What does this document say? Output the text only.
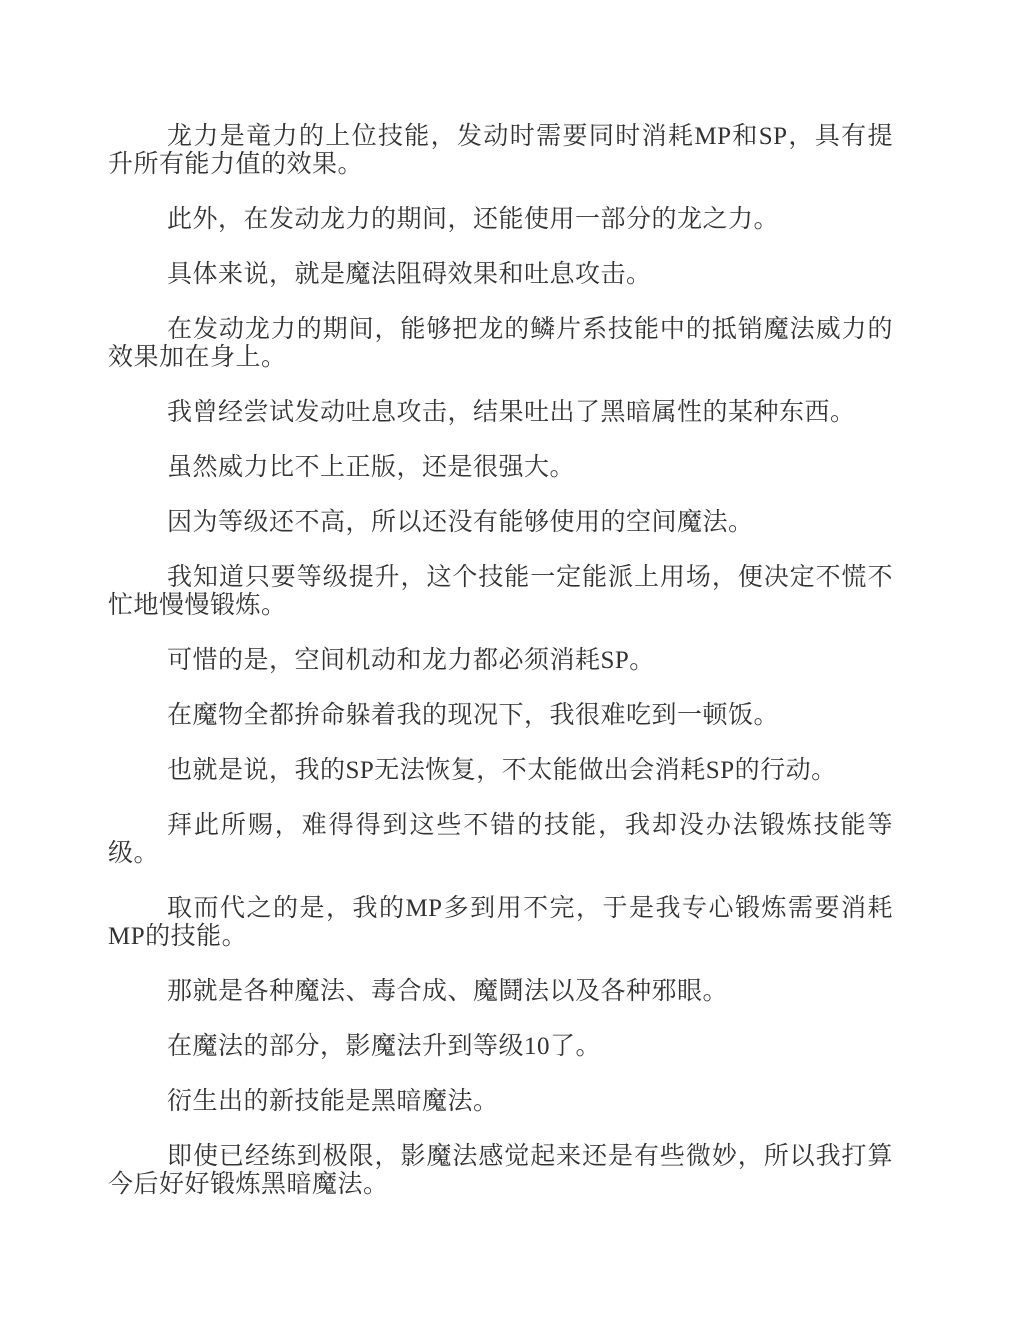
龙力是竜力的上位技能，发动时需要同时消耗MP和SP，具有提升所有能力值的效果。

此外，在发动龙力的期间，还能使用一部分的龙之力。

具体来说，就是魔法阻碍效果和吐息攻击。

在发动龙力的期间，能够把龙的鳞片系技能中的抵销魔法威力的效果加在身上。

我曾经尝试发动吐息攻击，结果吐出了黑暗属性的某种东西。

虽然威力比不上正版，还是很强大。

因为等级还不高，所以还没有能够使用的空间魔法。

我知道只要等级提升，这个技能一定能派上用场，便决定不慌不忙地慢慢锻炼。

可惜的是，空间机动和龙力都必须消耗SP。

在魔物全都拚命躲着我的现况下，我很难吃到一顿饭。

也就是说，我的SP无法恢复，不太能做出会消耗SP的行动。

拜此所赐，难得得到这些不错的技能，我却没办法锻炼技能等级。

取而代之的是，我的MP多到用不完，于是我专心锻炼需要消耗MP的技能。

那就是各种魔法、毒合成、魔鬪法以及各种邪眼。

在魔法的部分，影魔法升到等级10了。

衍生出的新技能是黑暗魔法。

即使已经练到极限，影魔法感觉起来还是有些微妙，所以我打算今后好好锻炼黑暗魔法。
